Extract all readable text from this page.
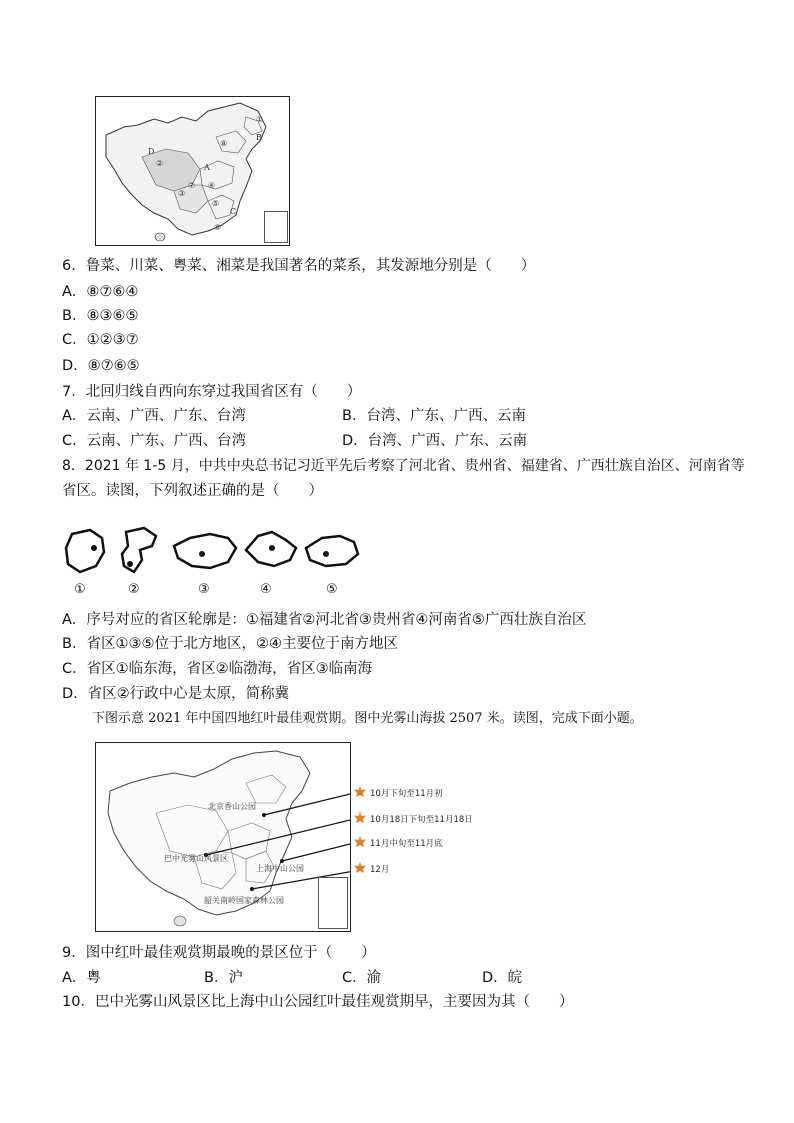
B
D
A
C
①
②
③
④
⑤
⑥
⑦
⑧
6．鲁菜、川菜、粤菜、湘菜是我国著名的菜系，其发源地分别是（　　）
A．⑧⑦⑥④
B．⑧③⑥⑤
C．①②③⑦
D．⑧⑦⑥⑤
7．北回归线自西向东穿过我国省区有（　　）
A．云南、广西、广东、台湾	B．台湾、广东、广西、云南
C．云南、广东、广西、台湾	D．台湾、广西、广东、云南
8．2021 年 1-5 月，中共中央总书记习近平先后考察了河北省、贵州省、福建省、广西壮族自治区、河南省等
省区。读图，下列叙述正确的是（　　）
①	②	③	④	⑤
A．序号对应的省区轮廓是：①福建省②河北省③贵州省④河南省⑤广西壮族自治区
B．省区①③⑤位于北方地区，②④主要位于南方地区
C．省区①临东海，省区②临渤海，省区③临南海
D．省区②行政中心是太原，简称冀
下图示意 2021 年中国四地红叶最佳观赏期。图中光雾山海拔 2507 米。读图，完成下面小题。
北京香山公园
巴中光雾山风景区
上海中山公园
韶关南岭国家森林公园
10月下旬至11月初
10月18日下旬至11月18日
11月中旬至11月底
12月
9．图中红叶最佳观赏期最晚的景区位于（　　）
A．粤	B．沪	C．渝	D．皖
10．巴中光雾山风景区比上海中山公园红叶最佳观赏期早，主要因为其（　　）
